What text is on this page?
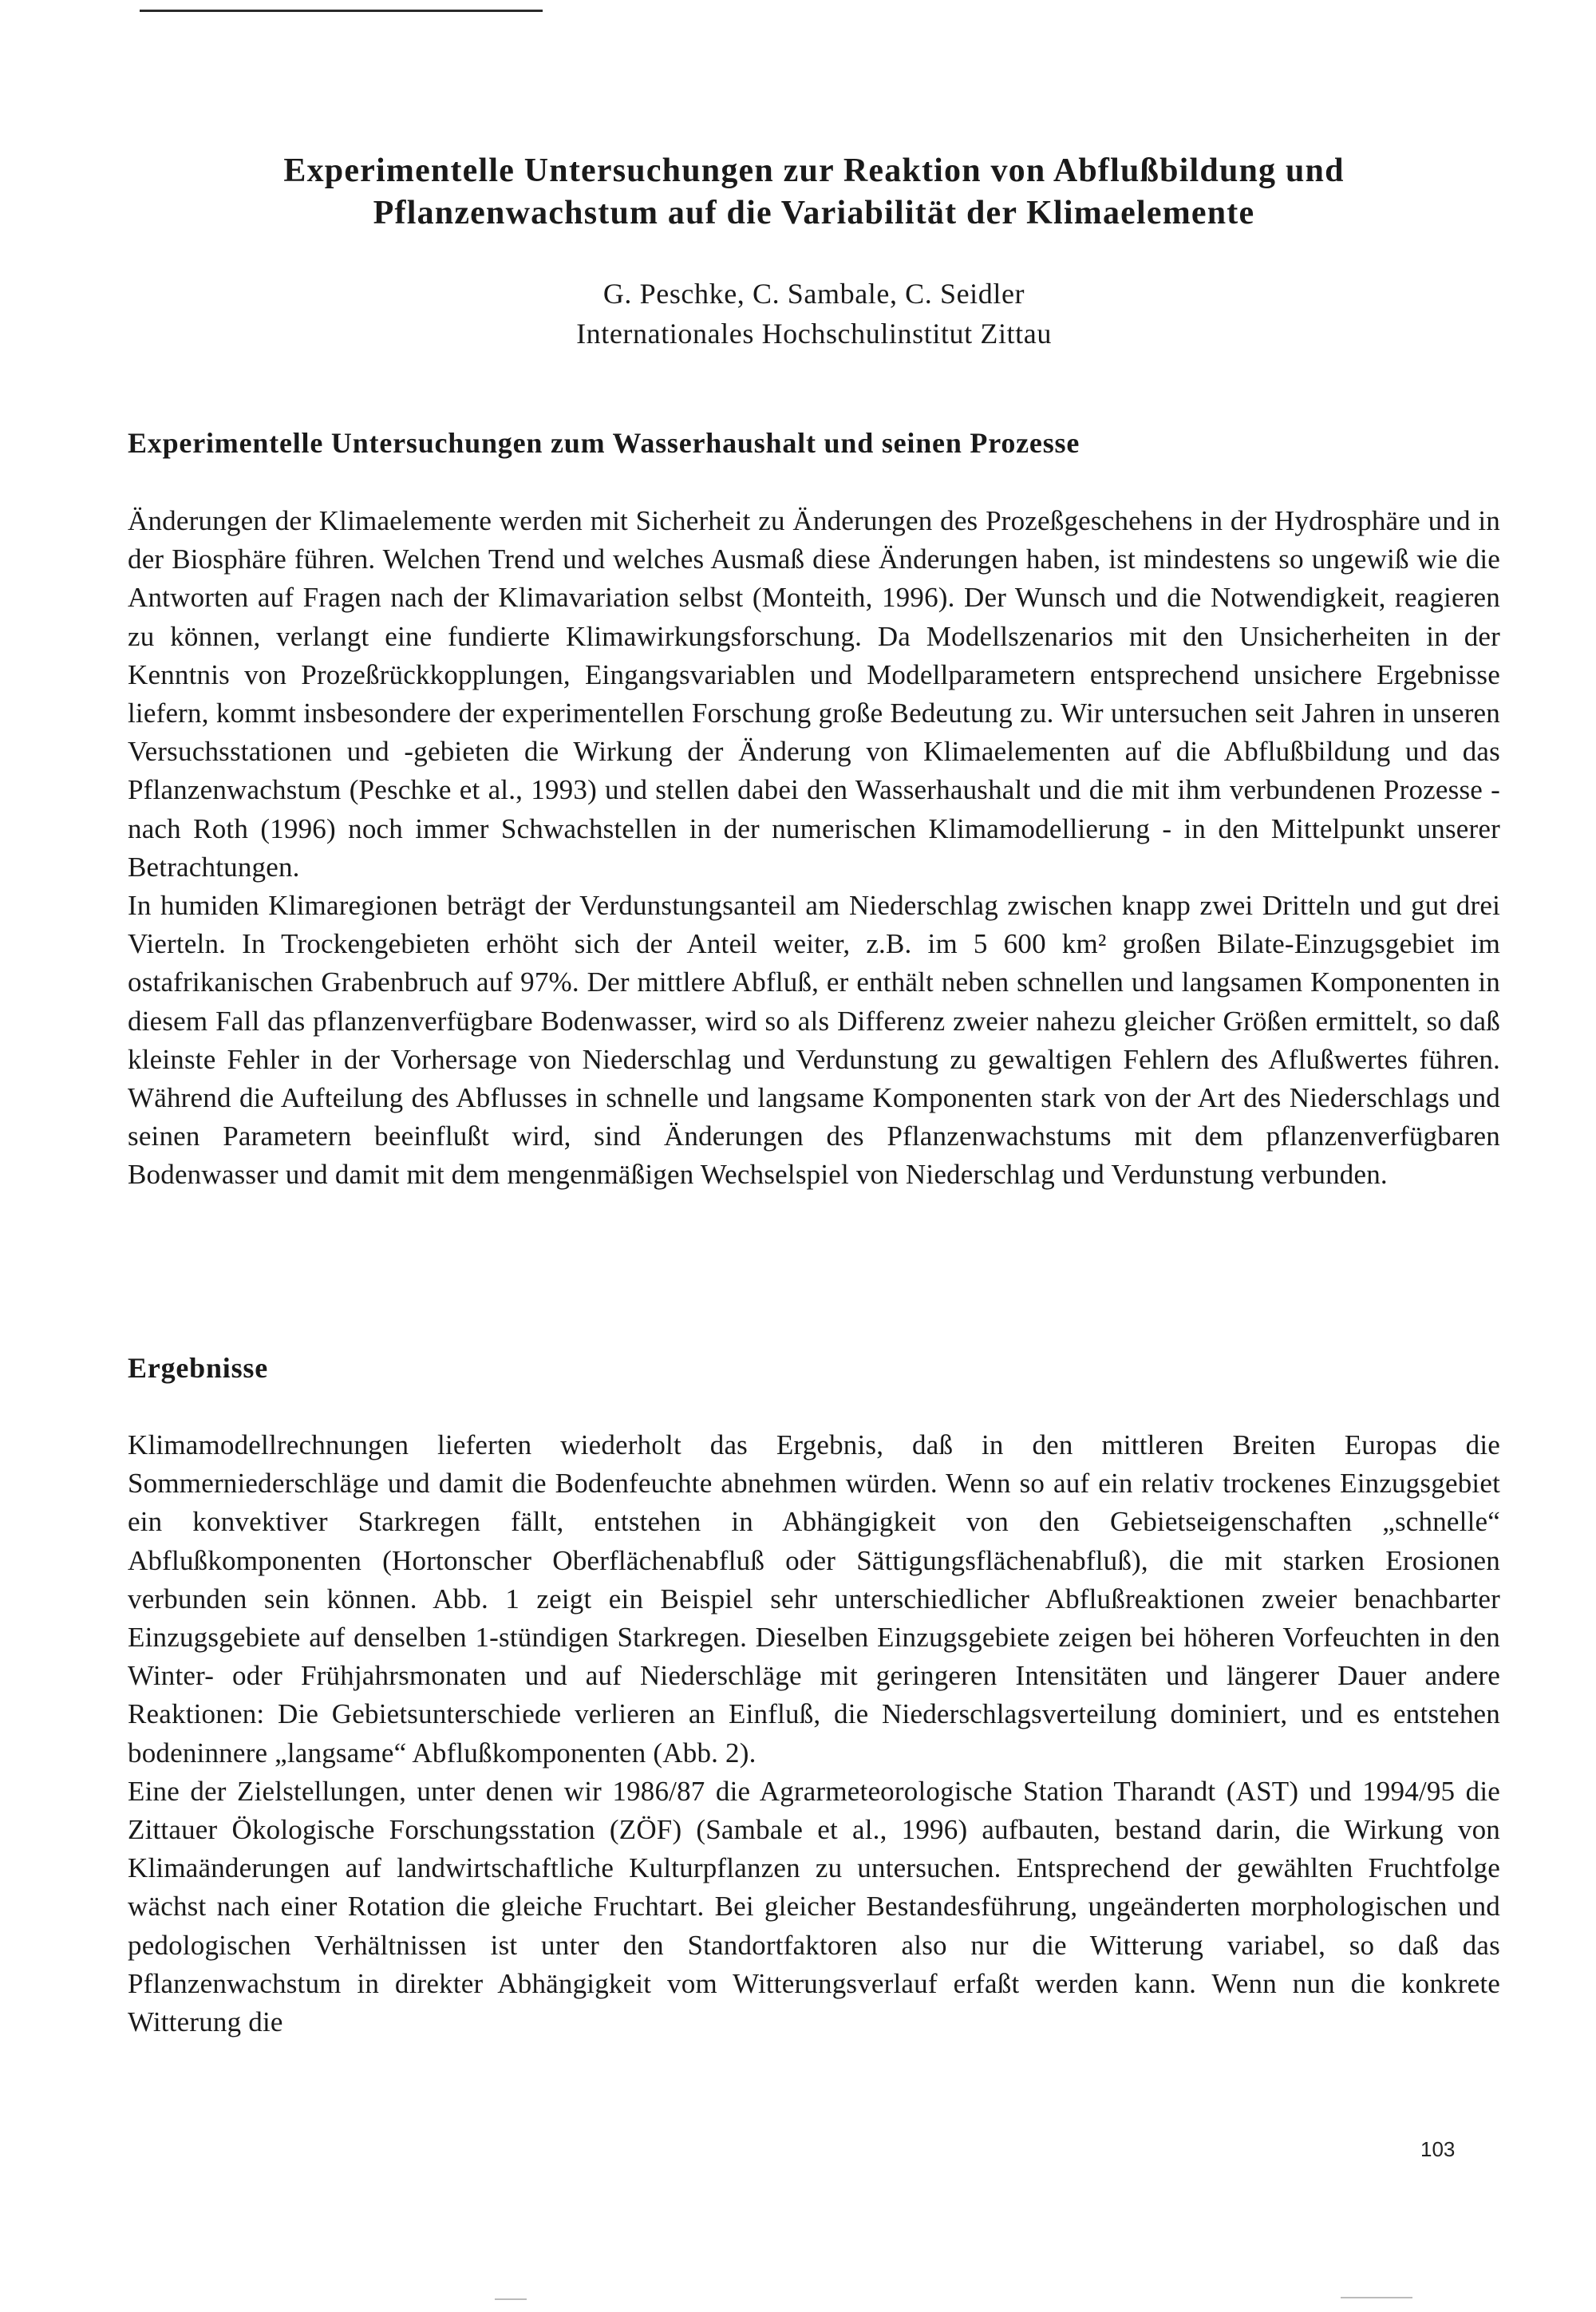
Experimentelle Untersuchungen zur Reaktion von Abflußbildung und
Pflanzenwachstum auf die Variabilität der Klimaelemente
G. Peschke, C. Sambale, C. Seidler
Internationales Hochschulinstitut Zittau
Experimentelle Untersuchungen zum Wasserhaushalt und seinen Prozesse

Änderungen der Klimaelemente werden mit Sicherheit zu Änderungen des Prozeßgeschehens in der Hydrosphäre und in der Biosphäre führen. Welchen Trend und welches Ausmaß diese Änderungen haben, ist mindestens so ungewiß wie die Antworten auf Fragen nach der Klimavariation selbst (Monteith, 1996). Der Wunsch und die Notwendigkeit, reagieren zu können, verlangt eine fundierte Klimawirkungsforschung. Da Modellszenarios mit den Unsicherheiten in der Kenntnis von Prozeßrückkopplungen, Eingangsvariablen und Modellparametern entsprechend unsichere Ergebnisse liefern, kommt insbesondere der experimentellen Forschung große Bedeutung zu. Wir untersuchen seit Jahren in unseren Versuchsstationen und -gebieten die Wirkung der Änderung von Klimaelementen auf die Abflußbildung und das Pflanzenwachstum (Peschke et al., 1993) und stellen dabei den Wasserhaushalt und die mit ihm verbundenen Prozesse - nach Roth (1996) noch immer Schwachstellen in der numerischen Klimamodellierung - in den Mittelpunkt unserer Betrachtungen.

In humiden Klimaregionen beträgt der Verdunstungsanteil am Niederschlag zwischen knapp zwei Dritteln und gut drei Vierteln. In Trockengebieten erhöht sich der Anteil weiter, z.B. im 5 600 km² großen Bilate-Einzugsgebiet im ostafrikanischen Grabenbruch auf 97%. Der mittlere Abfluß, er enthält neben schnellen und langsamen Komponenten in diesem Fall das pflanzenverfügbare Bodenwasser, wird so als Differenz zweier nahezu gleicher Größen ermittelt, so daß kleinste Fehler in der Vorhersage von Niederschlag und Verdunstung zu gewaltigen Fehlern des Aflußwertes führen. Während die Aufteilung des Abflusses in schnelle und langsame Komponenten stark von der Art des Niederschlags und seinen Parametern beeinflußt wird, sind Änderungen des Pflanzenwachstums mit dem pflanzenverfügbaren Bodenwasser und damit mit dem mengenmäßigen Wechselspiel von Niederschlag und Verdunstung verbunden.

Ergebnisse

Klimamodellrechnungen lieferten wiederholt das Ergebnis, daß in den mittleren Breiten Europas die Sommerniederschläge und damit die Bodenfeuchte abnehmen würden. Wenn so auf ein relativ trockenes Einzugsgebiet ein konvektiver Starkregen fällt, entstehen in Abhängigkeit von den Gebietseigenschaften „schnelle“ Abflußkomponenten (Hortonscher Oberflächenabfluß oder Sättigungsflächenabfluß), die mit starken Erosionen verbunden sein können. Abb. 1 zeigt ein Beispiel sehr unterschiedlicher Abflußreaktionen zweier benachbarter Einzugsgebiete auf denselben 1-stündigen Starkregen. Dieselben Einzugsgebiete zeigen bei höheren Vorfeuchten in den Winter- oder Frühjahrsmonaten und auf Niederschläge mit geringeren Intensitäten und längerer Dauer andere Reaktionen: Die Gebietsunterschiede verlieren an Einfluß, die Niederschlagsverteilung dominiert, und es entstehen bodeninnere „langsame“ Abflußkomponenten (Abb. 2).

Eine der Zielstellungen, unter denen wir 1986/87 die Agrarmeteorologische Station Tharandt (AST) und 1994/95 die Zittauer Ökologische Forschungsstation (ZÖF) (Sambale et al., 1996) aufbauten, bestand darin, die Wirkung von Klimaänderungen auf landwirtschaftliche Kulturpflanzen zu untersuchen. Entsprechend der gewählten Fruchtfolge wächst nach einer Rotation die gleiche Fruchtart. Bei gleicher Bestandesführung, ungeänderten morphologischen und pedologischen Verhältnissen ist unter den Standortfaktoren also nur die Witterung variabel, so daß das Pflanzenwachstum in direkter Abhängigkeit vom Witterungsverlauf erfaßt werden kann. Wenn nun die konkrete Witterung die

103
